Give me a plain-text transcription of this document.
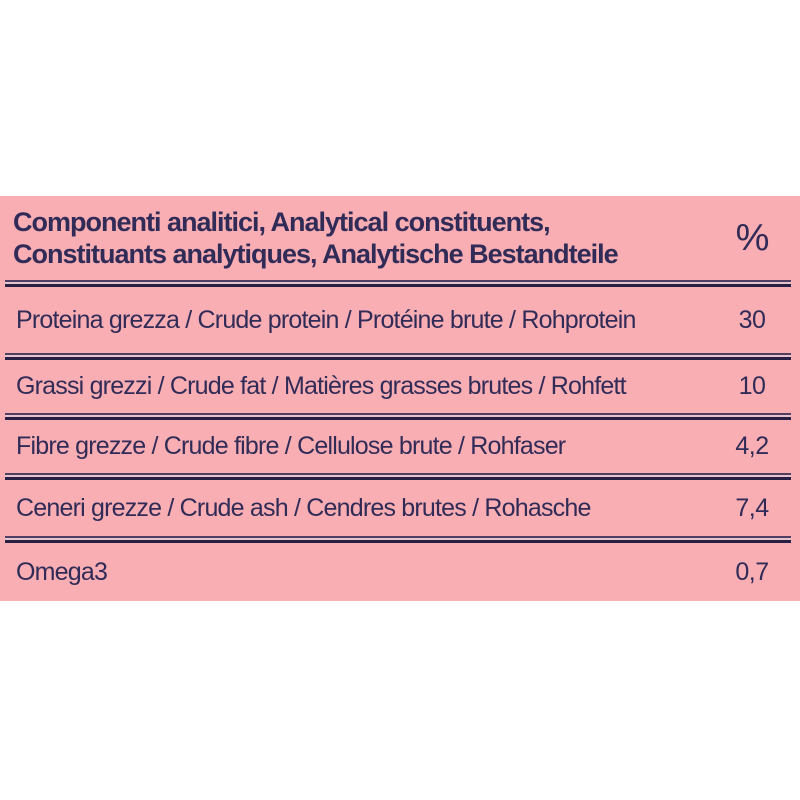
Componenti analitici, Analytical constituents,
Constituants analytiques, Analytische Bestandteile	%
Proteina grezza / Crude protein / Protéine brute / Rohprotein	30
Grassi grezzi / Crude fat / Matières grasses brutes / Rohfett	10
Fibre grezze / Crude fibre / Cellulose brute / Rohfaser	4,2
Ceneri grezze / Crude ash / Cendres brutes / Rohasche	7,4
Omega3	0,7
